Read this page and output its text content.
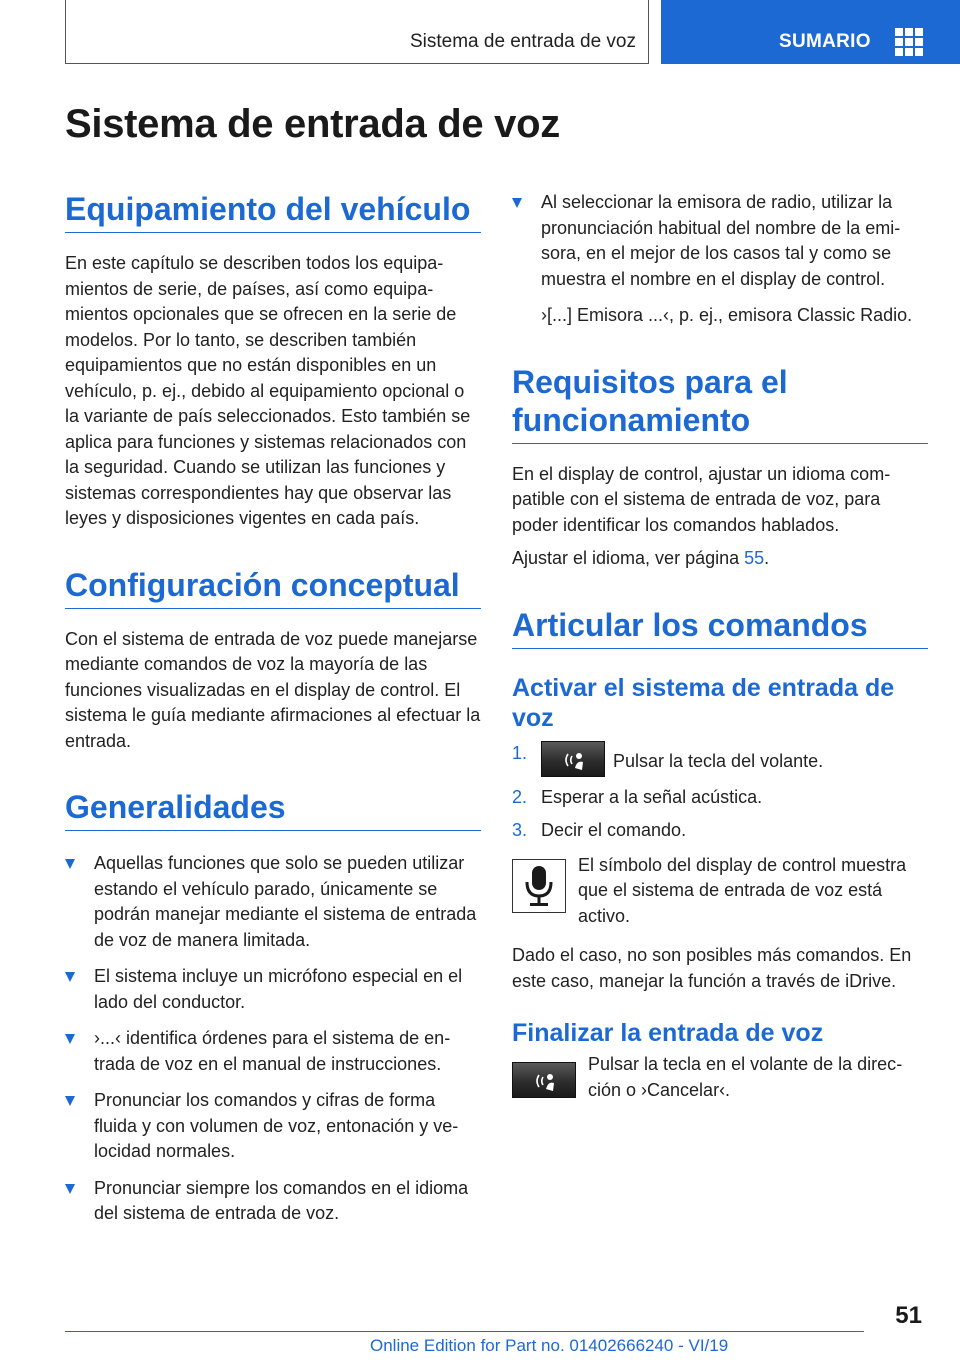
Sistema de entrada de voz	SUMARIO
Sistema de entrada de voz
Equipamiento del vehículo

En este capítulo se describen todos los equipamientos de serie, de países, así como equipamientos opcionales que se ofrecen en la serie de modelos. Por lo tanto, se describen también equipamientos que no están disponibles en un vehículo, p. ej., debido al equipamiento opcional o la variante de país seleccionados. Esto también se aplica para funciones y sistemas relacionados con la seguridad. Cuando se utilizan las funciones y sistemas correspondientes hay que observar las leyes y disposiciones vigentes en cada país.

Configuración conceptual

Con el sistema de entrada de voz puede manejarse mediante comandos de voz la mayoría de las funciones visualizadas en el display de control. El sistema le guía mediante afirmaciones al efectuar la entrada.

Generalidades
Aquellas funciones que solo se pueden utilizar estando el vehículo parado, únicamente se podrán manejar mediante el sistema de entrada de voz de manera limitada.
El sistema incluye un micrófono especial en el lado del conductor.
›...‹ identifica órdenes para el sistema de entrada de voz en el manual de instrucciones.
Pronunciar los comandos y cifras de forma fluida y con volumen de voz, entonación y velocidad normales.
Pronunciar siempre los comandos en el idioma del sistema de entrada de voz.
Al seleccionar la emisora de radio, utilizar la pronunciación habitual del nombre de la emisora, en el mejor de los casos tal y como se muestra el nombre en el display de control.

›[...] Emisora ...‹, p. ej., emisora Classic Radio.

Requisitos para el funcionamiento

En el display de control, ajustar un idioma compatible con el sistema de entrada de voz, para poder identificar los comandos hablados.

Ajustar el idioma, ver página 55.

Articular los comandos
Activar el sistema de entrada de voz
1.	Pulsar la tecla del volante.
2. Esperar a la señal acústica.
3. Decir el comando.

El símbolo del display de control muestra que el sistema de entrada de voz está activo.

Dado el caso, no son posibles más comandos. En este caso, manejar la función a través de iDrive.

Finalizar la entrada de voz

Pulsar la tecla en el volante de la dirección o ›Cancelar‹.

51
Online Edition for Part no. 01402666240 - VI/19
